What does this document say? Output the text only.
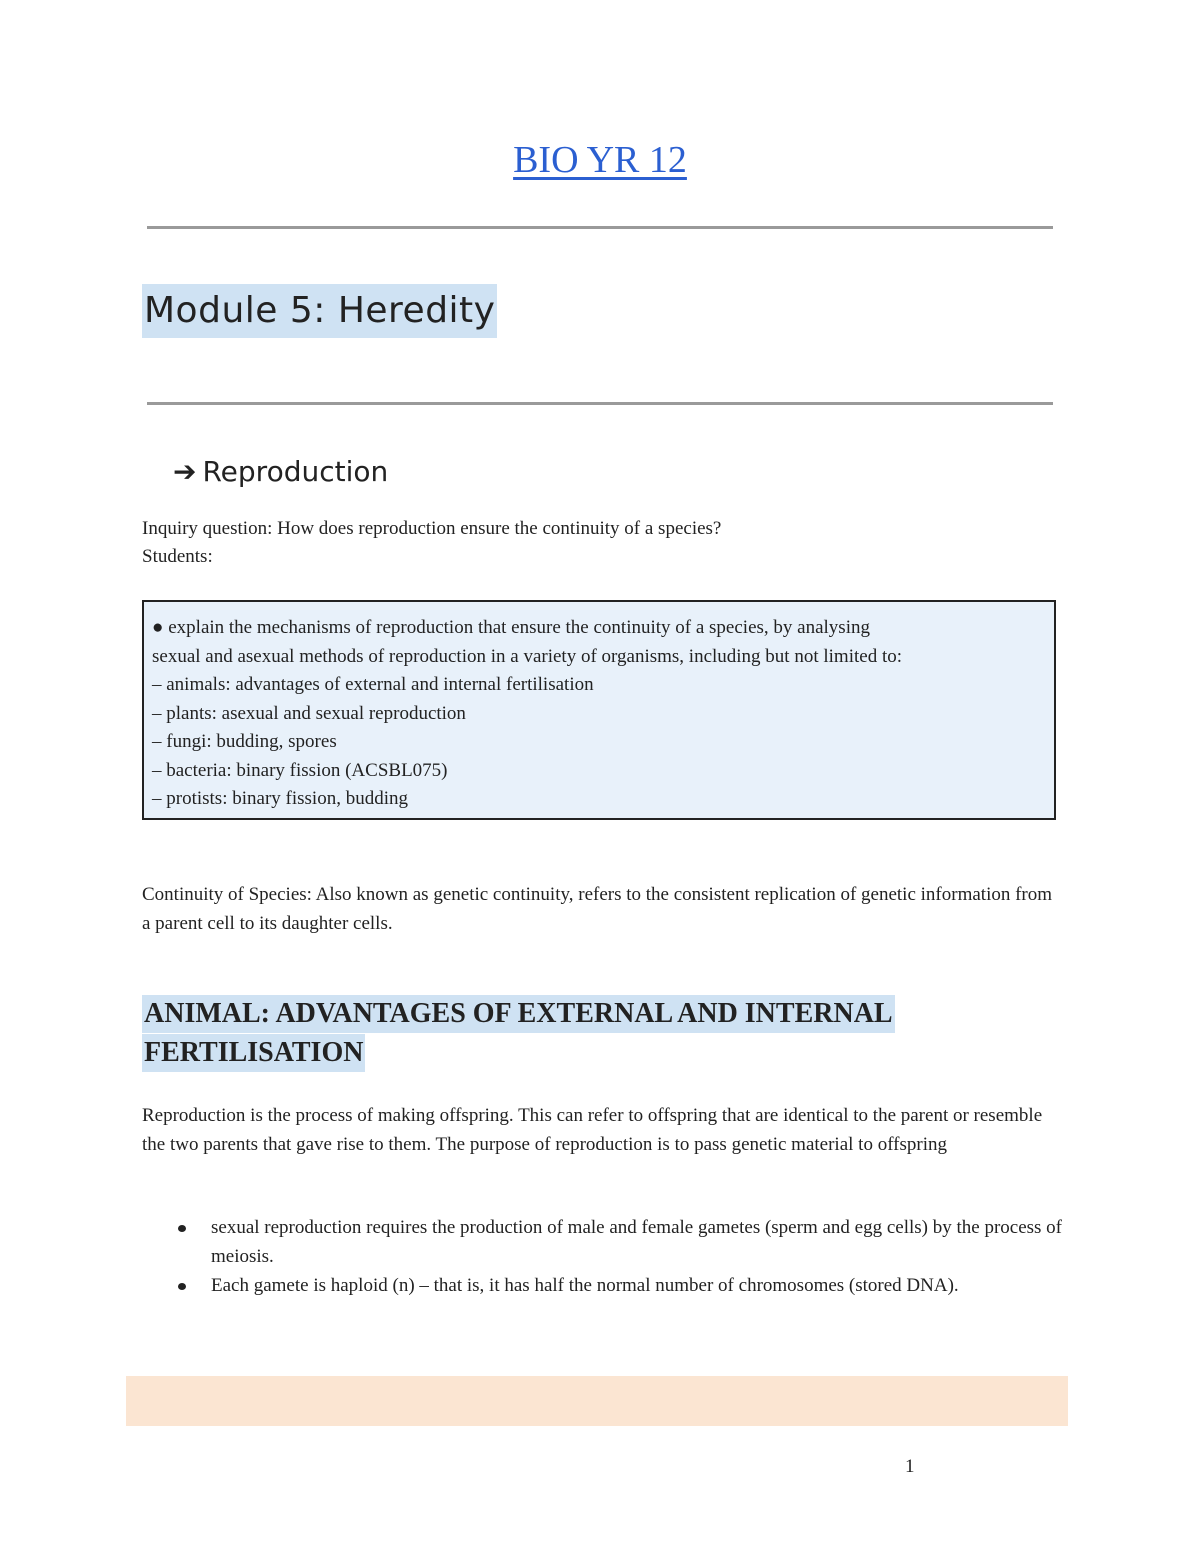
BIO YR 12
Module 5: Heredity
➔ Reproduction
Inquiry question: How does reproduction ensure the continuity of a species?
Students:
● explain the mechanisms of reproduction that ensure the continuity of a species, by analysing
sexual and asexual methods of reproduction in a variety of organisms, including but not limited to:
– animals: advantages of external and internal fertilisation
– plants: asexual and sexual reproduction
– fungi: budding, spores
– bacteria: binary fission (ACSBL075)
– protists: binary fission, budding
Continuity of Species: Also known as genetic continuity, refers to the consistent replication of genetic information from a parent cell to its daughter cells.
ANIMAL: ADVANTAGES OF EXTERNAL AND INTERNAL
FERTILISATION
Reproduction is the process of making offspring. This can refer to offspring that are identical to the parent or resemble the two parents that gave rise to them. The purpose of reproduction is to pass genetic material to offspring
sexual reproduction requires the production of male and female gametes (sperm and egg cells) by the process of meiosis.
Each gamete is haploid (n) – that is, it has half the normal number of chromosomes (stored DNA).
1
